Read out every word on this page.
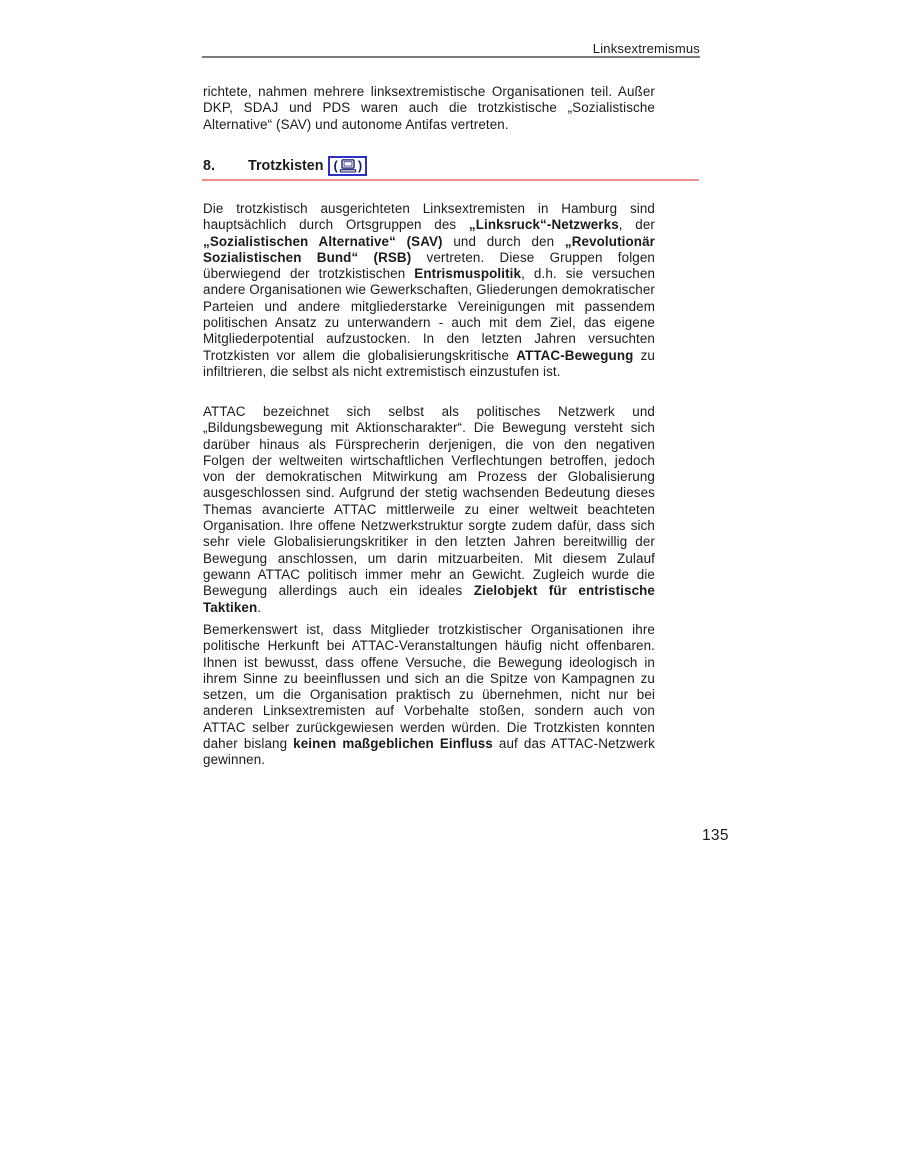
Linksextremismus

richtete, nahmen mehrere linksextremistische Organisationen teil. Außer DKP, SDAJ und PDS waren auch die trotzkistische „Sozialistische Alternative“ (SAV) und autonome Antifas vertreten.

8.	Trotzkisten ( )

Die trotzkistisch ausgerichteten Linksextremisten in Hamburg sind hauptsächlich durch Ortsgruppen des „Linksruck“-Netzwerks, der „Sozialistischen Alternative“ (SAV) und durch den „Revolutionär Sozialistischen Bund“ (RSB) vertreten. Diese Gruppen folgen überwiegend der trotzkistischen Entrismuspolitik, d.h. sie versuchen andere Organisationen wie Gewerkschaften, Gliederungen demokratischer Parteien und andere mitgliederstarke Vereinigungen mit passendem politischen Ansatz zu unterwandern - auch mit dem Ziel, das eigene Mitgliederpotential aufzustocken. In den letzten Jahren versuchten Trotzkisten vor allem die globalisierungskritische ATTAC-Bewegung zu infiltrieren, die selbst als nicht extremistisch einzustufen ist.

ATTAC bezeichnet sich selbst als politisches Netzwerk und „Bildungsbewegung mit Aktionscharakter“. Die Bewegung versteht sich darüber hinaus als Fürsprecherin derjenigen, die von den negativen Folgen der weltweiten wirtschaftlichen Verflechtungen betroffen, jedoch von der demokratischen Mitwirkung am Prozess der Globalisierung ausgeschlossen sind. Aufgrund der stetig wachsenden Bedeutung dieses Themas avancierte ATTAC mittlerweile zu einer weltweit beachteten Organisation. Ihre offene Netzwerkstruktur sorgte zudem dafür, dass sich sehr viele Globalisierungskritiker in den letzten Jahren bereitwillig der Bewegung anschlossen, um darin mitzuarbeiten. Mit diesem Zulauf gewann ATTAC politisch immer mehr an Gewicht. Zugleich wurde die Bewegung allerdings auch ein ideales Zielobjekt für entristische Taktiken.

Bemerkenswert ist, dass Mitglieder trotzkistischer Organisationen ihre politische Herkunft bei ATTAC-Veranstaltungen häufig nicht offenbaren. Ihnen ist bewusst, dass offene Versuche, die Bewegung ideologisch in ihrem Sinne zu beeinflussen und sich an die Spitze von Kampagnen zu setzen, um die Organisation praktisch zu übernehmen, nicht nur bei anderen Linksextremisten auf Vorbehalte stoßen, sondern auch von ATTAC selber zurückgewiesen werden würden. Die Trotzkisten konnten daher bislang keinen maßgeblichen Einfluss auf das ATTAC-Netzwerk gewinnen.

135
